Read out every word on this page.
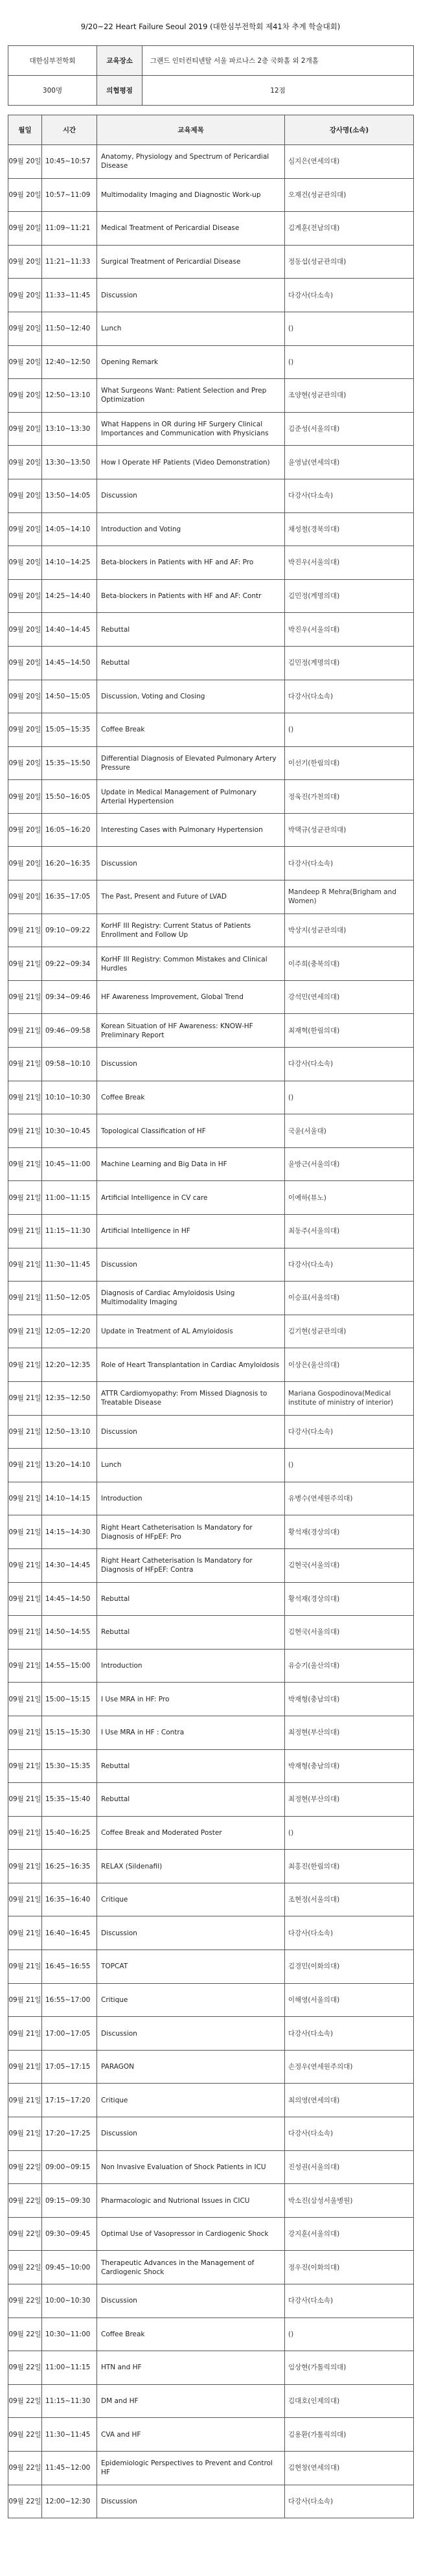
9/20~22 Heart Failure Seoul 2019 (대한심부전학회 제41차 추계 학술대회)
대한심부전학회	교육장소	그랜드 인터컨티넨탈 서울 파르나스 2층 국화홀 외 2개홀
300명	의협평점	12점
월일	시간	교육제목	강사명(소속)
09월 20일	10:45~10:57	Anatomy, Physiology and Spectrum of Pericardial Disease	심지은(연세의대)
09월 20일	10:57~11:09	Multimodality Imaging and Diagnostic Work-up	오재건(성균관의대)
09월 20일	11:09~11:21	Medical Treatment of Pericardial Disease	김계훈(전남의대)
09월 20일	11:21~11:33	Surgical Treatment of Pericardial Disease	정동섭(성균관의대)
09월 20일	11:33~11:45	Discussion	다강사(다소속)
09월 20일	11:50~12:40	Lunch	()
09월 20일	12:40~12:50	Opening Remark	()
09월 20일	12:50~13:10	What Surgeons Want: Patient Selection and Prep Optimization	조양현(성균관의대)
09월 20일	13:10~13:30	What Happens in OR during HF Surgery Clinical Importances and Communication with Physicians	김준성(서울의대)
09월 20일	13:30~13:50	How I Operate HF Patients (Video Demonstration)	윤영남(연세의대)
09월 20일	13:50~14:05	Discussion	다강사(다소속)
09월 20일	14:05~14:10	Introduction and Voting	채성철(경북의대)
09월 20일	14:10~14:25	Beta-blockers in Patients with HF and AF: Pro	박진우(서울의대)
09월 20일	14:25~14:40	Beta-blockers in Patients with HF and AF: Contr	김민정(계명의대)
09월 20일	14:40~14:45	Rebuttal	박진우(서울의대)
09월 20일	14:45~14:50	Rebuttal	김민정(계명의대)
09월 20일	14:50~15:05	Discussion, Voting and Closing	다강사(다소속)
09월 20일	15:05~15:35	Coffee Break	()
09월 20일	15:35~15:50	Differential Diagnosis of Elevated Pulmonary Artery Pressure	이선기(한림의대)
09월 20일	15:50~16:05	Update in Medical Management of Pulmonary Arterial Hypertension	정욱진(가천의대)
09월 20일	16:05~16:20	Interesting Cases with Pulmonary Hypertension	박택규(성균관의대)
09월 20일	16:20~16:35	Discussion	다강사(다소속)
09월 20일	16:35~17:05	The Past, Present and Future of LVAD	Mandeep R Mehra(Brigham and Women)
09월 21일	09:10~09:22	KorHF III Registry: Current Status of Patients Enrollment and Follow Up	박상지(성균관의대)
09월 21일	09:22~09:34	KorHF III Registry: Common Mistakes and Clinical Hurdles	이주희(충북의대)
09월 21일	09:34~09:46	HF Awareness Improvement, Global Trend	강석민(연세의대)
09월 21일	09:46~09:58	Korean Situation of HF Awareness: KNOW-HF Preliminary Report	최재혁(한림의대)
09월 21일	09:58~10:10	Discussion	다강사(다소속)
09월 21일	10:10~10:30	Coffee Break	()
09월 21일	10:30~10:45	Topological Classification of HF	국윤(서울대)
09월 21일	10:45~11:00	Machine Learning and Big Data in HF	윤방근(서울의대)
09월 21일	11:00~11:15	Artificial Intelligence in CV care	이예하(뷰노)
09월 21일	11:15~11:30	Artificial Intelligence in HF	최동주(서울의대)
09월 21일	11:30~11:45	Discussion	다강사(다소속)
09월 21일	11:50~12:05	Diagnosis of Cardiac Amyloidosis Using Multimodality Imaging	이승표(서울의대)
09월 21일	12:05~12:20	Update in Treatment of AL Amyloidosis	김기현(성균관의대)
09월 21일	12:20~12:35	Role of Heart Transplantation in Cardiac Amyloidosis	이상은(울산의대)
09월 21일	12:35~12:50	ATTR Cardiomyopathy: From Missed Diagnosis to Treatable Disease	Mariana Gospodinova(Medical institute of ministry of interior)
09월 21일	12:50~13:10	Discussion	다강사(다소속)
09월 21일	13:20~14:10	Lunch	()
09월 21일	14:10~14:15	Introduction	유병수(연세원주의대)
09월 21일	14:15~14:30	Right Heart Catheterisation Is Mandatory for Diagnosis of HFpEF: Pro	황석재(경상의대)
09월 21일	14:30~14:45	Right Heart Catheterisation Is Mandatory for Diagnosis of HFpEF: Contra	김현국(서울의대)
09월 21일	14:45~14:50	Rebuttal	황석재(경상의대)
09월 21일	14:50~14:55	Rebuttal	김현국(서울의대)
09월 21일	14:55~15:00	Introduction	유승기(울산의대)
09월 21일	15:00~15:15	I Use MRA in HF: Pro	박재형(충남의대)
09월 21일	15:15~15:30	I Use MRA in HF : Contra	최정현(부산의대)
09월 21일	15:30~15:35	Rebuttal	박재형(충남의대)
09월 21일	15:35~15:40	Rebuttal	최정현(부산의대)
09월 21일	15:40~16:25	Coffee Break and Moderated Poster	()
09월 21일	16:25~16:35	RELAX (Sildenafil)	최홍진(한림의대)
09월 21일	16:35~16:40	Critique	조현정(서울의대)
09월 21일	16:40~16:45	Discussion	다강사(다소속)
09월 21일	16:45~16:55	TOPCAT	김경민(이화의대)
09월 21일	16:55~17:00	Critique	이해영(서울의대)
09월 21일	17:00~17:05	Discussion	다강사(다소속)
09월 21일	17:05~17:15	PARAGON	손정우(연세원주의대)
09월 21일	17:15~17:20	Critique	최의영(연세의대)
09월 21일	17:20~17:25	Discussion	다강사(다소속)
09월 22일	09:00~09:15	Non Invasive Evaluation of Shock Patients in ICU	진성권(서울의대)
09월 22일	09:15~09:30	Pharmacologic and Nutrional Issues in CICU	박소진(삼성서울병원)
09월 22일	09:30~09:45	Optimal Use of Vasopressor in Cardiogenic Shock	강지훈(서울의대)
09월 22일	09:45~10:00	Therapeutic Advances in the Management of Cardiogenic Shock	정우진(이화의대)
09월 22일	10:00~10:30	Discussion	다강사(다소속)
09월 22일	10:30~11:00	Coffee Break	()
09월 22일	11:00~11:15	HTN and HF	임상현(가톨릭의대)
09월 22일	11:15~11:30	DM and HF	김대호(인제의대)
09월 22일	11:30~11:45	CVA and HF	김용환(가톨릭의대)
09월 22일	11:45~12:00	Epidemiologic Perspectives to Prevent and Control HF	김현창(연세의대)
09월 22일	12:00~12:30	Discussion	다강사(다소속)
